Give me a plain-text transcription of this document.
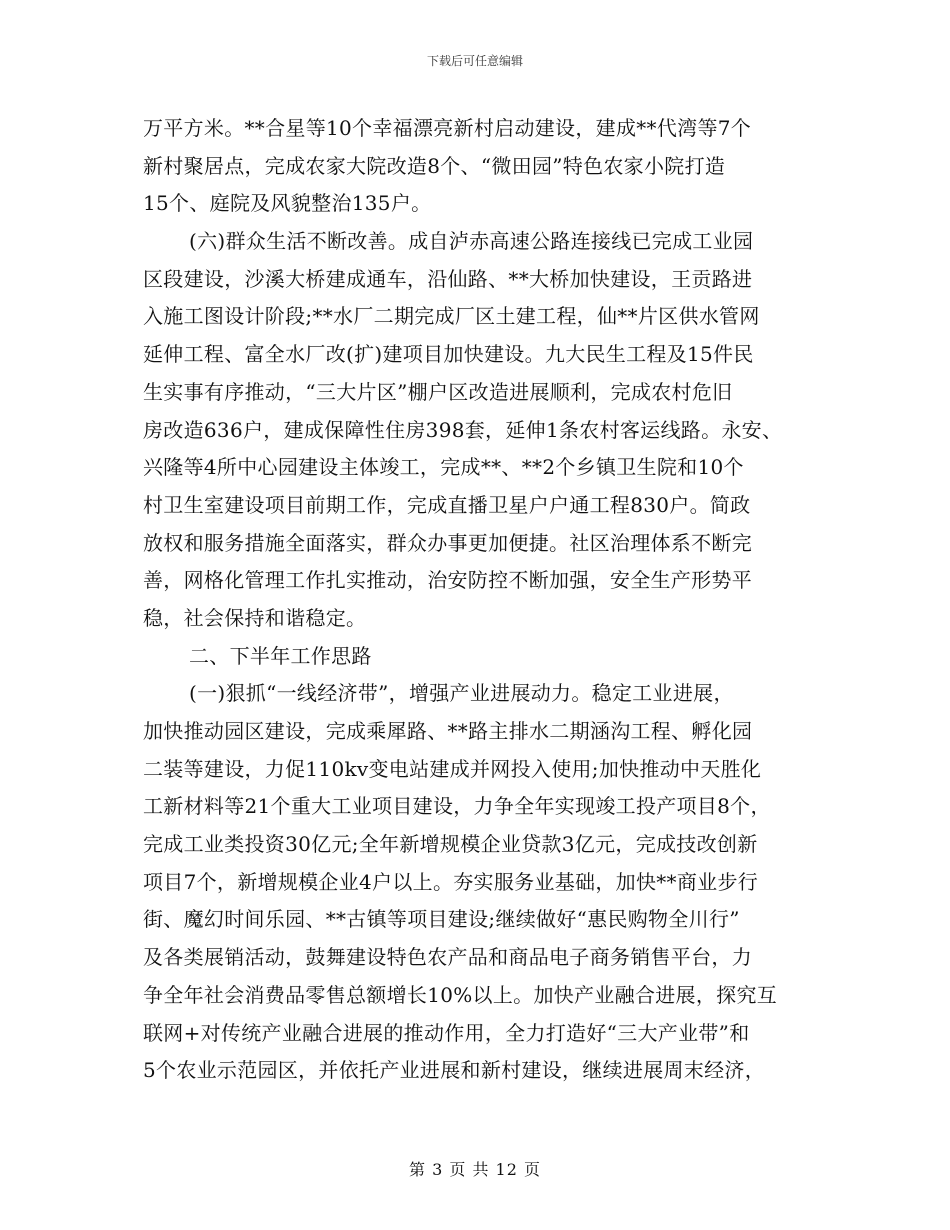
下载后可任意编辑
万平方米。**合星等10个幸福漂亮新村启动建设，建成**代湾等7个
新村聚居点，完成农家大院改造8个、“微田园”特色农家小院打造
15个、庭院及风貌整治135户。
(六)群众生活不断改善。成自泸赤高速公路连接线已完成工业园
区段建设，沙溪大桥建成通车，沿仙路、**大桥加快建设，王贡路进
入施工图设计阶段;**水厂二期完成厂区土建工程，仙**片区供水管网
延伸工程、富全水厂改(扩)建项目加快建设。九大民生工程及15件民
生实事有序推动，“三大片区”棚户区改造进展顺利，完成农村危旧
房改造636户，建成保障性住房398套，延伸1条农村客运线路。永安、
兴隆等4所中心园建设主体竣工，完成**、**2个乡镇卫生院和10个
村卫生室建设项目前期工作，完成直播卫星户户通工程830户。简政
放权和服务措施全面落实，群众办事更加便捷。社区治理体系不断完
善，网格化管理工作扎实推动，治安防控不断加强，安全生产形势平
稳，社会保持和谐稳定。
二、下半年工作思路
(一)狠抓“一线经济带”，增强产业进展动力。稳定工业进展，
加快推动园区建设，完成乘犀路、**路主排水二期涵沟工程、孵化园
二装等建设，力促110kv变电站建成并网投入使用;加快推动中天胜化
工新材料等21个重大工业项目建设，力争全年实现竣工投产项目8个，
完成工业类投资30亿元;全年新增规模企业贷款3亿元，完成技改创新
项目7个，新增规模企业4户以上。夯实服务业基础，加快**商业步行
街、魔幻时间乐园、**古镇等项目建设;继续做好“惠民购物全川行”
及各类展销活动，鼓舞建设特色农产品和商品电子商务销售平台，力
争全年社会消费品零售总额增长10%以上。加快产业融合进展，探究互
联网+对传统产业融合进展的推动作用，全力打造好“三大产业带”和
5个农业示范园区，并依托产业进展和新村建设，继续进展周末经济，
第 3 页 共 12 页
